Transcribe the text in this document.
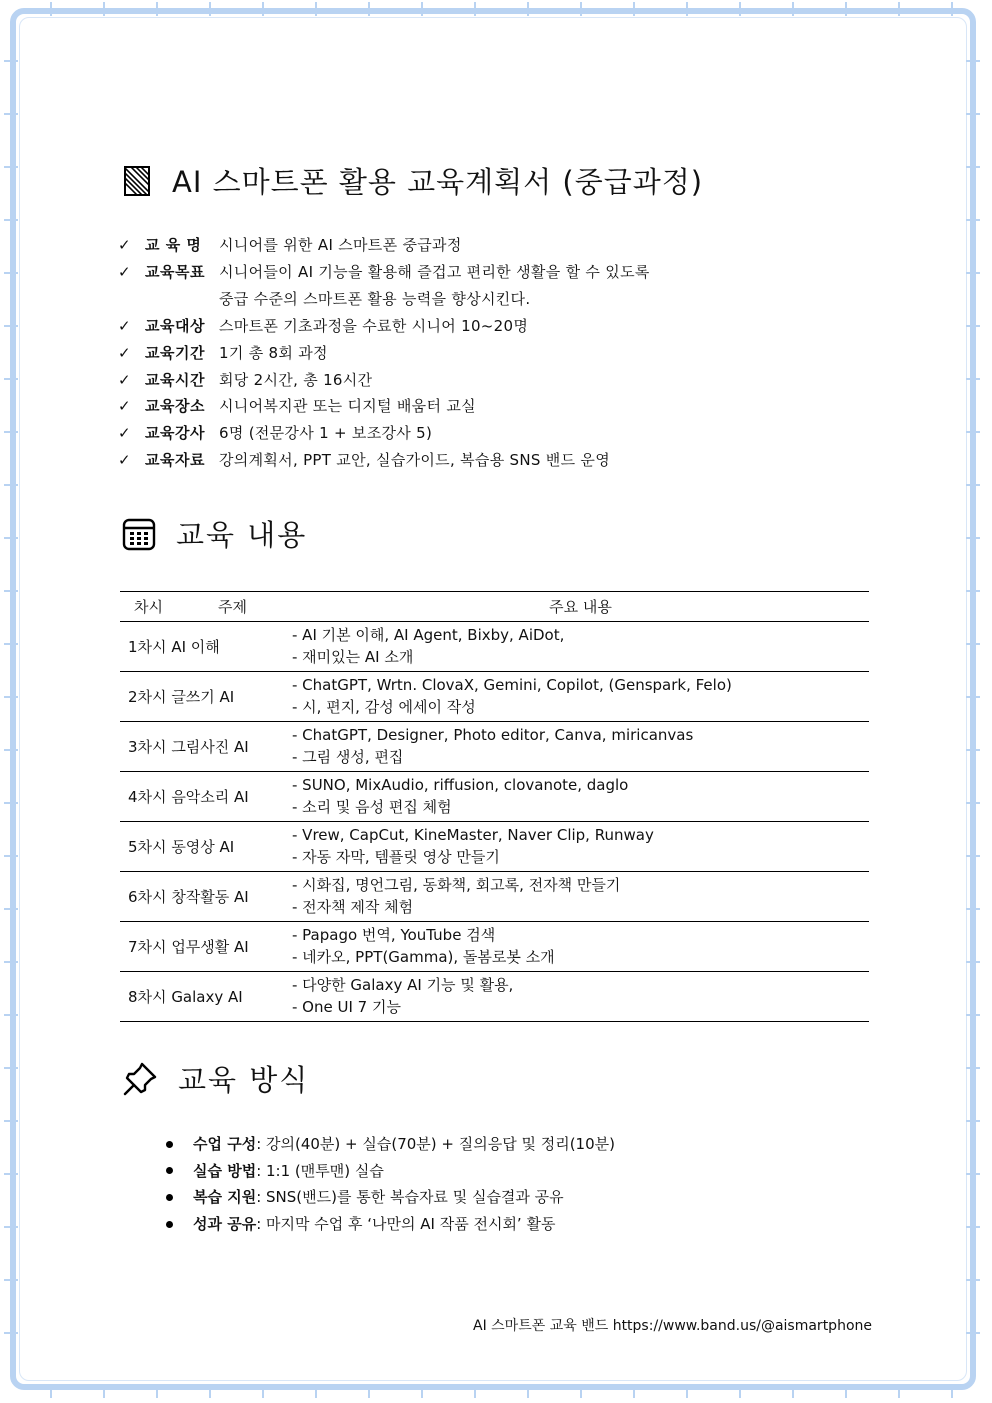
AI 스마트폰 활용 교육계획서 (중급과정)
✓ 교 육 명	시니어를 위한 AI 스마트폰 중급과정
✓ 교육목표 시니어들이 AI 기능을 활용해 즐겁고 편리한 생활을 할 수 있도록
중급 수준의 스마트폰 활용 능력을 향상시킨다.
✓ 교육대상 스마트폰 기초과정을 수료한 시니어 10~20명
✓ 교육기간 1기 총 8회 과정
✓ 교육시간 회당 2시간, 총 16시간
✓ 교육장소 시니어복지관 또는 디지털 배움터 교실
✓ 교육강사 6명 (전문강사 1 + 보조강사 5)
✓ 교육자료 강의계획서, PPT 교안, 실습가이드, 복습용 SNS 밴드 운영
교육 내용
차시 주제	주요 내용
1차시 AI 이해	- AI 기본 이해, AI Agent, Bixby, AiDot,
- 재미있는 AI 소개

2차시 글쓰기 AI	- ChatGPT, Wrtn. ClovaX, Gemini, Copilot, (Genspark, Felo)
- 시, 편지, 감성 에세이 작성

3차시 그림사진 AI	- ChatGPT, Designer, Photo editor, Canva, miricanvas
- 그림 생성, 편집

4차시 음악소리 AI	- SUNO, MixAudio, riffusion, clovanote, daglo
- 소리 및 음성 편집 체험

5차시 동영상 AI	- Vrew, CapCut, KineMaster, Naver Clip, Runway
- 자동 자막, 템플릿 영상 만들기

6차시 창작활동 AI	- 시화집, 명언그림, 동화책, 회고록, 전자책 만들기
- 전자책 제작 체험

7차시 업무생활 AI	- Papago 번역, YouTube 검색
- 네카오, PPT(Gamma), 돌봄로봇 소개

8차시 Galaxy AI	- 다양한 Galaxy AI 기능 및 활용,
- One UI 7 기능
교육 방식
수업 구성 : 강의(40분) + 실습(70분) + 질의응답 및 정리(10분)
실습 방법 : 1:1 (맨투맨) 실습
복습 지원 : SNS(밴드)를 통한 복습자료 및 실습결과 공유
성과 공유 : 마지막 수업 후 ‘나만의 AI 작품 전시회’ 활동
AI 스마트폰 교육 밴드 https://www.band.us/@aismartphone
